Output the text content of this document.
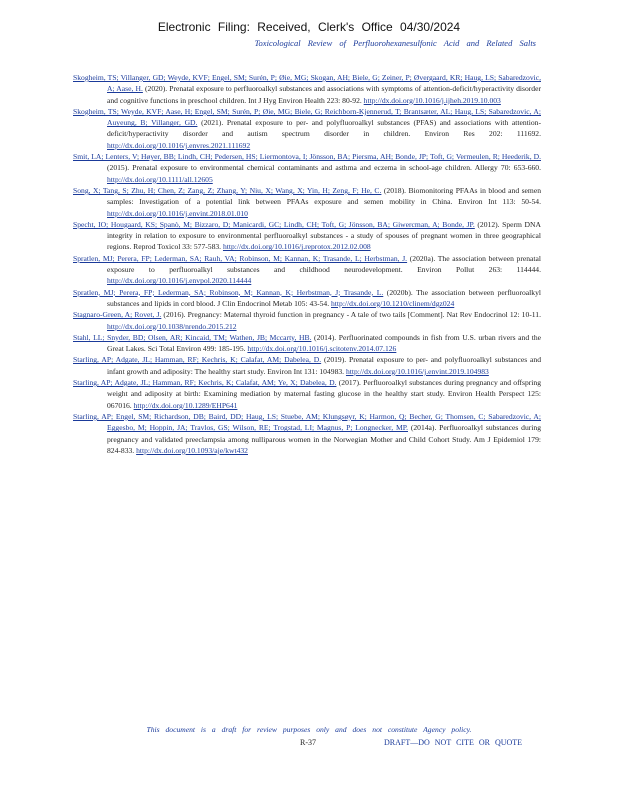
Electronic Filing: Received, Clerk's Office 04/30/2024
Toxicological Review of Perfluorohexanesulfonic Acid and Related Salts

Skogheim, TS; Villanger, GD; Weyde, KVF; Engel, SM; Surén, P; Øie, MG; Skogan, AH; Biele, G; Zeiner, P; Øvergaard, KR; Haug, LS; Sabaredzovic, A; Aase, H. (2020). Prenatal exposure to perfluoroalkyl substances and associations with symptoms of attention-deficit/hyperactivity disorder and cognitive functions in preschool children. Int J Hyg Environ Health 223: 80-92. http://dx.doi.org/10.1016/j.ijheh.2019.10.003

Skogheim, TS; Weyde, KVF; Aase, H; Engel, SM; Surén, P; Øie, MG; Biele, G; Reichborn-Kjennerud, T; Brantsæter, AL; Haug, LS; Sabaredzovic, A; Auyeung, B; Villanger, GD. (2021). Prenatal exposure to per- and polyfluoroalkyl substances (PFAS) and associations with attention-deficit/hyperactivity disorder and autism spectrum disorder in children. Environ Res 202: 111692. http://dx.doi.org/10.1016/j.envres.2021.111692

Smit, LA; Lenters, V; Høyer, BB; Lindh, CH; Pedersen, HS; Liermontova, I; Jönsson, BA; Piersma, AH; Bonde, JP; Toft, G; Vermeulen, R; Heederik, D. (2015). Prenatal exposure to environmental chemical contaminants and asthma and eczema in school-age children. Allergy 70: 653-660. http://dx.doi.org/10.1111/all.12605

Song, X; Tang, S; Zhu, H; Chen, Z; Zang, Z; Zhang, Y; Niu, X; Wang, X; Yin, H; Zeng, F; He, C. (2018). Biomonitoring PFAAs in blood and semen samples: Investigation of a potential link between PFAAs exposure and semen mobility in China. Environ Int 113: 50-54. http://dx.doi.org/10.1016/j.envint.2018.01.010

Specht, IO; Hougaard, KS; Spanò, M; Bizzaro, D; Manicardi, GC; Lindh, CH; Toft, G; Jönsson, BA; Giwercman, A; Bonde, JP. (2012). Sperm DNA integrity in relation to exposure to environmental perfluoroalkyl substances - a study of spouses of pregnant women in three geographical regions. Reprod Toxicol 33: 577-583. http://dx.doi.org/10.1016/j.reprotox.2012.02.008

Spratlen, MJ; Perera, FP; Lederman, SA; Rauh, VA; Robinson, M; Kannan, K; Trasande, L; Herbstman, J. (2020a). The association between prenatal exposure to perfluoroalkyl substances and childhood neurodevelopment. Environ Pollut 263: 114444. http://dx.doi.org/10.1016/j.envpol.2020.114444

Spratlen, MJ; Perera, FP; Lederman, SA; Robinson, M; Kannan, K; Herbstman, J; Trasande, L. (2020b). The association between perfluoroalkyl substances and lipids in cord blood. J Clin Endocrinol Metab 105: 43-54. http://dx.doi.org/10.1210/clinem/dgz024

Stagnaro-Green, A; Rovet, J. (2016). Pregnancy: Maternal thyroid function in pregnancy - A tale of two tails [Comment]. Nat Rev Endocrinol 12: 10-11. http://dx.doi.org/10.1038/nrendo.2015.212

Stahl, LL; Snyder, BD; Olsen, AR; Kincaid, TM; Wathen, JB; Mccarty, HB. (2014). Perfluorinated compounds in fish from U.S. urban rivers and the Great Lakes. Sci Total Environ 499: 185-195. http://dx.doi.org/10.1016/j.scitotenv.2014.07.126

Starling, AP; Adgate, JL; Hamman, RF; Kechris, K; Calafat, AM; Dabelea, D. (2019). Prenatal exposure to per- and polyfluoroalkyl substances and infant growth and adiposity: The healthy start study. Environ Int 131: 104983. http://dx.doi.org/10.1016/j.envint.2019.104983

Starling, AP; Adgate, JL; Hamman, RF; Kechris, K; Calafat, AM; Ye, X; Dabelea, D. (2017). Perfluoroalkyl substances during pregnancy and offspring weight and adiposity at birth: Examining mediation by maternal fasting glucose in the healthy start study. Environ Health Perspect 125: 067016. http://dx.doi.org/10.1289/EHP641

Starling, AP; Engel, SM; Richardson, DB; Baird, DD; Haug, LS; Stuebe, AM; Klungsøyr, K; Harmon, Q; Becher, G; Thomsen, C; Sabaredzovic, A; Eggesbo, M; Hoppin, JA; Travlos, GS; Wilson, RE; Trogstad, LI; Magnus, P; Longnecker, MP. (2014a). Perfluoroalkyl substances during pregnancy and validated preeclampsia among nulliparous women in the Norwegian Mother and Child Cohort Study. Am J Epidemiol 179: 824-833. http://dx.doi.org/10.1093/aje/kwt432

This document is a draft for review purposes only and does not constitute Agency policy.
R-37	DRAFT—DO NOT CITE OR QUOTE
